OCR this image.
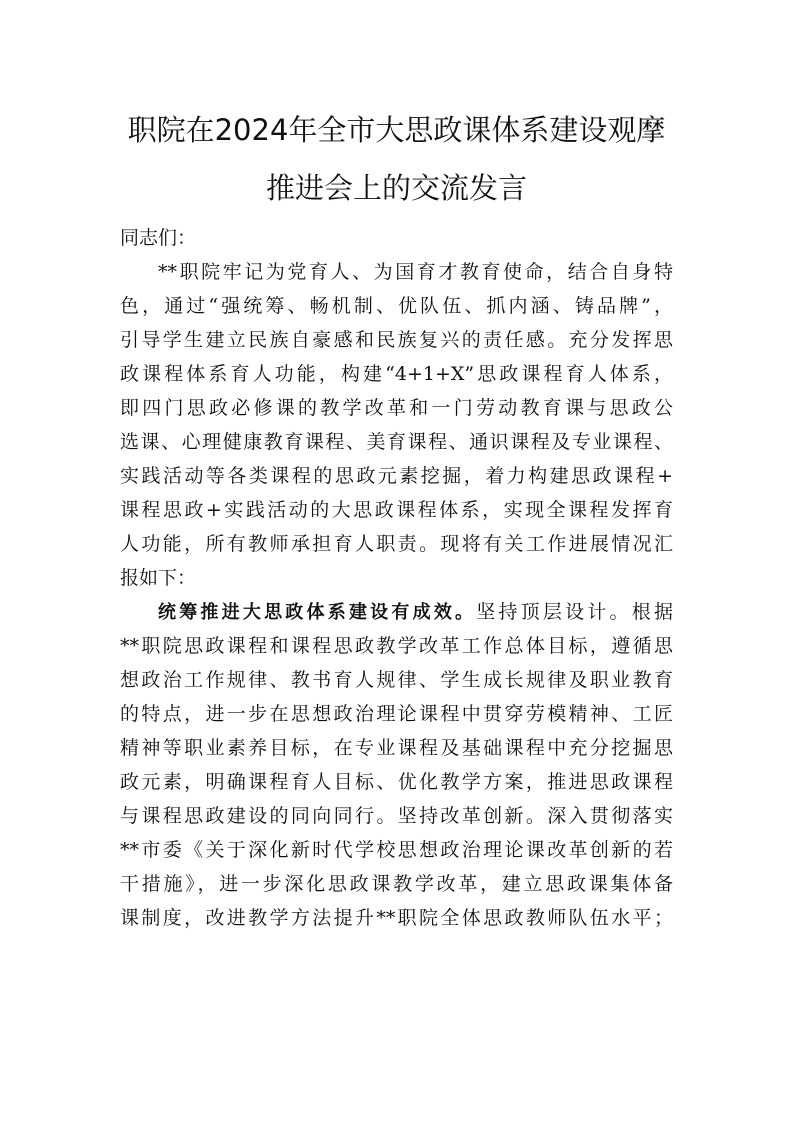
职院在2024年全市大思政课体系建设观摩
推进会上的交流发言
同志们：
**职院牢记为党育人、为国育才教育使命，结合自身特
色，通过“强统筹、畅机制、优队伍、抓内涵、铸品牌”，
引导学生建立民族自豪感和民族复兴的责任感。充分发挥思
政课程体系育人功能，构建“4+1+X”思政课程育人体系，
即四门思政必修课的教学改革和一门劳动教育课与思政公
选课、心理健康教育课程、美育课程、通识课程及专业课程、
实践活动等各类课程的思政元素挖掘，着力构建思政课程+
课程思政+实践活动的大思政课程体系，实现全课程发挥育
人功能，所有教师承担育人职责。现将有关工作进展情况汇
报如下：
统筹推进大思政体系建设有成效。坚持顶层设计。根据
**职院思政课程和课程思政教学改革工作总体目标，遵循思
想政治工作规律、教书育人规律、学生成长规律及职业教育
的特点，进一步在思想政治理论课程中贯穿劳模精神、工匠
精神等职业素养目标，在专业课程及基础课程中充分挖掘思
政元素，明确课程育人目标、优化教学方案，推进思政课程
与课程思政建设的同向同行。坚持改革创新。深入贯彻落实
**市委《关于深化新时代学校思想政治理论课改革创新的若
干措施》，进一步深化思政课教学改革，建立思政课集体备
课制度，改进教学方法提升**职院全体思政教师队伍水平；
